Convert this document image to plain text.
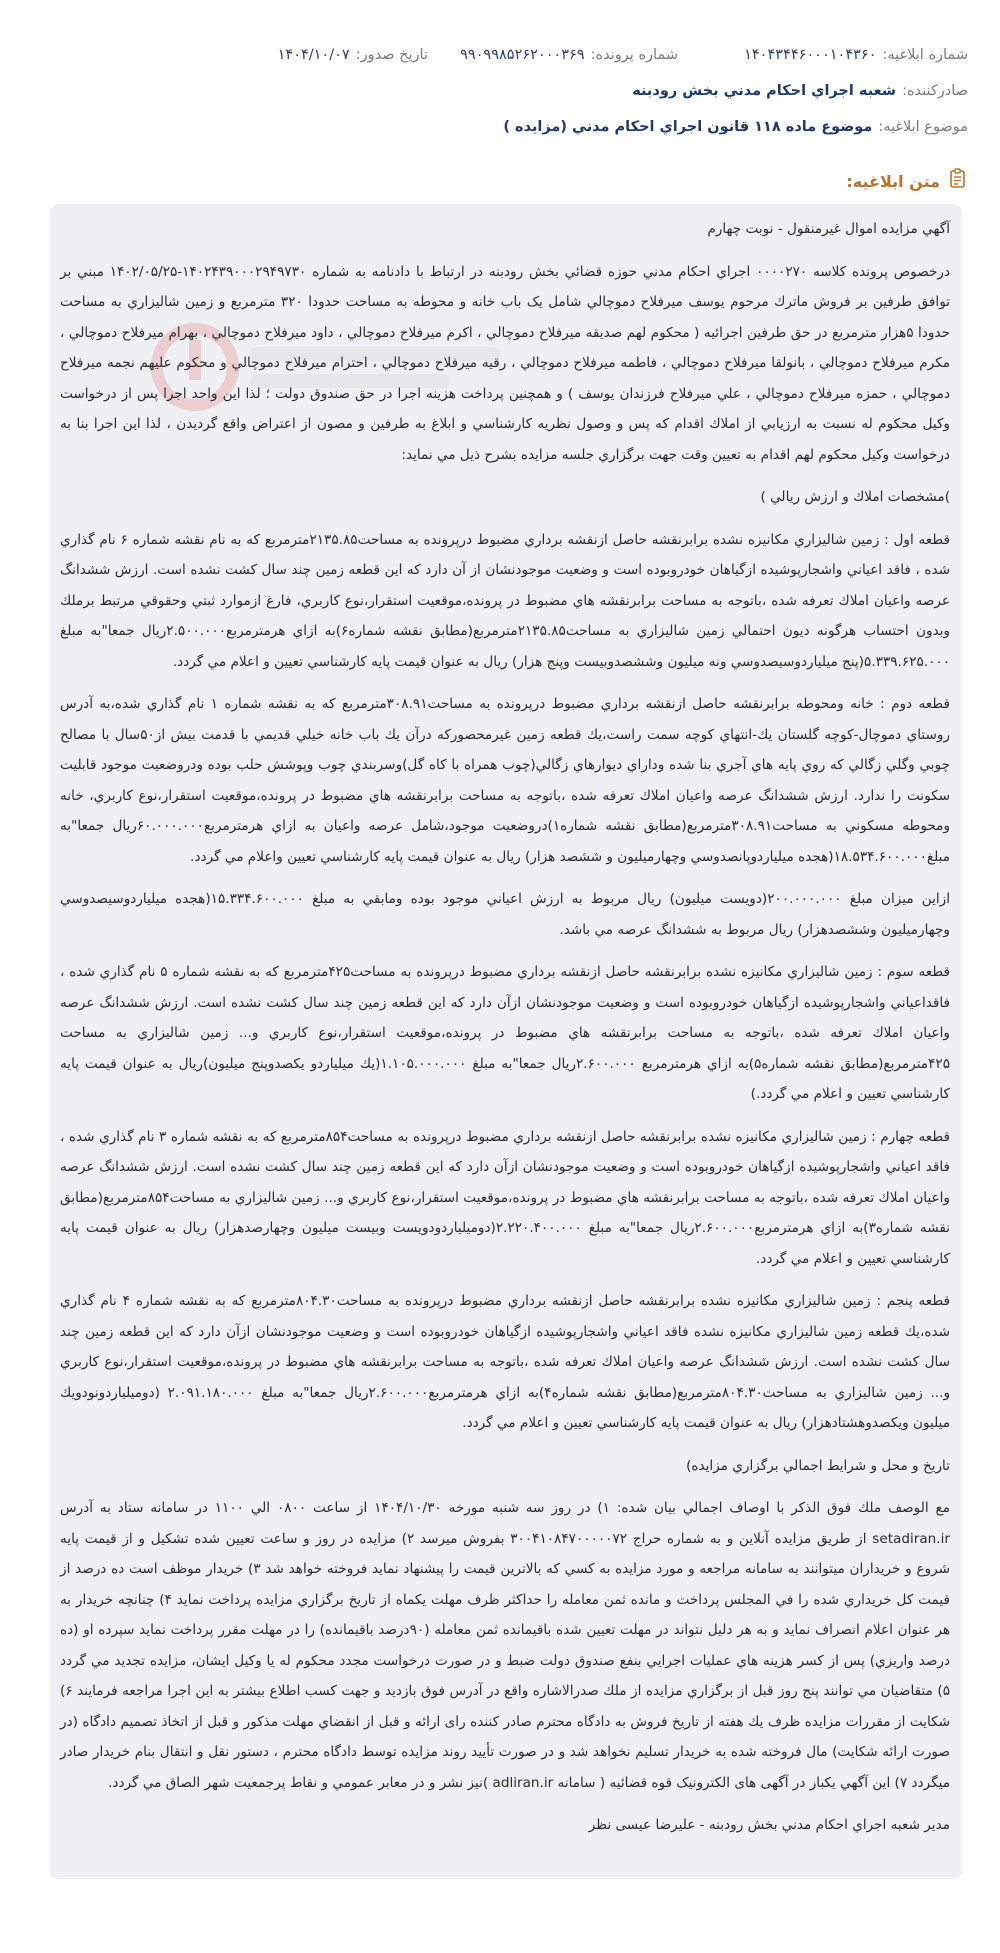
شماره ابلاغیه:
۱۴۰۴۳۴۴۶۰۰۰۱۰۴۳۶۰
شماره پرونده:
۹۹۰۹۹۸۵۲۶۲۰۰۰۳۶۹
تاریخ صدور:
۱۴۰۴/۱۰/۰۷
صادرکننده:
شعبه اجراي احكام مدني بخش رودبنه
موضوع ابلاغیه:
موضوع ماده ۱۱۸ قانون اجراي احكام مدني (مزايده )
متن ابلاغیه:

آگهي مزايده اموال غيرمنقول - نوبت چهارم

درخصوص پرونده كلاسه ۰۰۰۰۲۷۰ اجراي احكام مدني حوزه قضائي بخش رودبنه در ارتباط با دادنامه به شماره ۱۴۰۲۴۳۹۰۰۰۲۹۴۹۷۳۰-۱۴۰۲/۰۵/۲۵ مبني بر توافق طرفين بر فروش ماترك مرحوم يوسف ميرفلاح دموچالي شامل يک باب خانه و محوطه به مساحت حدودا ۳۲۰ مترمربع و زمين شاليزاري به مساحت حدودا ۵هزار مترمربع در حق طرفين اجرائيه ( محكوم لهم صديقه ميرفلاح دموچالي ، اكرم ميرفلاح دموچالي ، داود ميرفلاح دموچالي ، بهرام ميرفلاح دموچالي ، مكرم ميرفلاح دموچالي ، بانولقا ميرفلاح دموچالي ، فاطمه ميرفلاح دموچالي ، رقيه ميرفلاح دموچالي ، احترام ميرفلاح دموچالي و محكوم عليهم نجمه ميرفلاح دموچالي ، حمزه ميرفلاح دموچالي ، علي ميرفلاح فرزندان يوسف ) و همچنين پرداخت هزينه اجرا در حق صندوق دولت ؛ لذا اين واحد اجرا پس از درخواست وكيل محكوم له نسبت به ارزيابي از املاك اقدام كه پس و وصول نظريه كارشناسي و ابلاغ به طرفين و مصون از اعتراض واقع گرديدن ، لذا اين اجرا بنا به درخواست وكيل محكوم لهم اقدام به تعيين وقت جهت برگزاري جلسه مزايده بشرح ذيل مي نمايد:

)مشخصات املاك و ارزش ريالي )

قطعه اول : زمين شاليزاري مكانيزه نشده برابرنقشه حاصل ازنقشه برداري مضبوط درپرونده به مساحت۲۱۳۵.۸۵مترمربع كه به نام نقشه شماره ۶ نام گذاري شده ، فاقد اعياني واشجارپوشيده ازگياهان خودروبوده است و وضعيت موجودنشان از آن دارد كه اين قطعه زمين چند سال كشت نشده است. ارزش ششدانگ عرصه واعيان املاك تعرفه شده ،باتوجه به مساحت برابرنقشه هاي مضبوط در پرونده،موقعيت استقرار،نوع كاربري، فارغ ازموارد ثبتي وحقوقي مرتبط برملك وبدون احتساب هرگونه ديون احتمالي زمين شاليزاري به مساحت۲۱۳۵.۸۵مترمربع(مطابق نقشه شماره۶)به ازاي هرمترمربع۲.۵۰۰.۰۰۰ريال جمعا"به مبلغ ۵.۳۳۹.۶۲۵.۰۰۰(پنج ميلياردوسيصدوسي ونه ميليون وششصدوبيست وپنج هزار) ريال به عنوان قيمت پايه كارشناسي تعيين و اعلام مي گردد.

قطعه دوم : خانه ومحوطه برابرنقشه حاصل ازنقشه برداري مضبوط درپرونده به مساحت۳۰۸.۹۱مترمربع كه به نقشه شماره ۱ نام گذاري شده،به آدرس روستاي دموچال-كوچه گلستان يك-انتهاي كوچه سمت راست،يك قطعه زمين غيرمحصوركه درآن يك باب خانه خيلي قديمي با قدمت بيش از۵۰سال با مصالح چوبي وگلي زگالي كه روي پايه هاي آجري بنا شده وداراي ديوارهاي زگالي(چوب همراه با كاه گل)وسربندي چوب وپوشش حلب بوده ودروضعيت موجود قابليت سكونت را ندارد. ارزش ششدانگ عرصه واعيان املاك تعرفه شده ،باتوجه به مساحت برابرنقشه هاي مضبوط در پرونده،موقعيت استقرار،نوع كاربري، خانه ومحوطه مسكوني به مساحت۳۰۸.۹۱مترمربع(مطابق نقشه شماره۱)دروضعيت موجود،شامل عرصه واعيان به ازاي هرمترمربع۶۰.۰۰۰.۰۰۰ريال جمعا"به مبلغ۱۸.۵۳۴.۶۰۰.۰۰۰(هجده ميلياردوپانصدوسي وچهارميليون و ششصد هزار) ريال به عنوان قيمت پايه كارشناسي تعيين واعلام مي گردد.

ازاين ميزان مبلغ ۲۰۰.۰۰۰.۰۰۰(دويست ميليون) ريال مربوط به ارزش اعياني موجود بوده ومابقي به مبلغ ۱۵.۳۳۴.۶۰۰.۰۰۰(هجده ميلياردوسيصدوسي وچهارميليون وششصدهزار) ريال مربوط به ششدانگ عرصه مي باشد.

قطعه سوم : زمين شاليزاري مكانيزه نشده برابرنقشه حاصل ازنقشه برداري مضبوط درپرونده به مساحت۴۲۵مترمربع كه به نقشه شماره ۵ نام گذاري شده ، فاقداعياني واشجارپوشيده ازگياهان خودروبوده است و وضعيت موجودنشان ازآن دارد كه اين قطعه زمين چند سال كشت نشده است. ارزش ششدانگ عرصه واعيان املاك تعرفه شده ،باتوجه به مساحت برابرنقشه هاي مضبوط در پرونده،موقعيت استقرار،نوع كاربري و... زمين شاليزاري به مساحت ۴۲۵مترمربع(مطابق نقشه شماره۵)به ازاي هرمترمربع ۲.۶۰۰.۰۰۰ريال جمعا"به مبلغ ۱.۱۰۵.۰۰۰.۰۰۰(يك ميلياردو يكصدوپنج ميليون)ريال به عنوان قيمت پايه كارشناسي تعيين و اعلام مي گردد.)

قطعه چهارم : زمين شاليزاري مكانيزه نشده برابرنقشه حاصل ازنقشه برداري مضبوط درپرونده به مساحت۸۵۴مترمربع كه به نقشه شماره ۳ نام گذاري شده ، فاقد اعياني واشجارپوشيده ازگياهان خودروبوده است و وضعيت موجودنشان ازآن دارد كه اين قطعه زمين چند سال كشت نشده است. ارزش ششدانگ عرصه واعيان املاك تعرفه شده ،باتوجه به مساحت برابرنقشه هاي مضبوط در پرونده،موقعيت استقرار،نوع كاربري و... زمين شاليزاري به مساحت۸۵۴مترمربع(مطابق نقشه شماره۳)به ازاي هرمترمربع۲.۶۰۰.۰۰۰ريال جمعا"به مبلغ ۲.۲۲۰.۴۰۰.۰۰۰(دوميلياردودويست وبيست ميليون وچهارصدهزار) ريال به عنوان قيمت پايه كارشناسي تعيين و اعلام مي گردد.

قطعه پنجم : زمين شاليزاري مكانيزه نشده برابرنقشه حاصل ازنقشه برداري مضبوط درپرونده به مساحت۸۰۴.۳۰مترمربع كه به نقشه شماره ۴ نام گذاري شده،يك قطعه زمين شاليزاري مكانيزه نشده فاقد اعياني واشجارپوشيده ازگياهان خودروبوده است و وضعيت موجودنشان ازآن دارد كه اين قطعه زمين چند سال كشت نشده است. ارزش ششدانگ عرصه واعيان املاك تعرفه شده ،باتوجه به مساحت برابرنقشه هاي مضبوط در پرونده،موقعيت استقرار،نوع كاربري و... زمين شاليزاري به مساحت۸۰۴.۳۰مترمربع(مطابق نقشه شماره۴)به ازاي هرمترمربع۲.۶۰۰.۰۰۰ريال جمعا"به مبلغ ۲.۰۹۱.۱۸۰.۰۰۰ (دوميلياردونودويك ميليون ويكصدوهشتادهزار) ريال به عنوان قيمت پايه كارشناسي تعيين و اعلام مي گردد.

تاريخ و محل و شرايط اجمالي برگزاري مزايده)

مع الوصف ملك فوق الذكر با اوصاف اجمالي بيان شده: ۱) در روز سه شنبه مورخه ۱۴۰۴/۱۰/۳۰ از ساعت ۰۸۰۰ الي ۱۱۰۰ در سامانه ستاد به آدرس setadiran.ir از طريق مزايده آنلاين و به شماره حراج ۳۰۰۴۱۰۸۴۷۰۰۰۰۰۷۲ بفروش ميرسد ۲) مزايده در روز و ساعت تعيين شده تشكيل و از قيمت پايه شروع و خريداران ميتوانند به سامانه مراجعه و مورد مزايده به كسي كه بالاترين قيمت را پيشنهاد نمايد فروخته خواهد شد ۳) خريدار موظف است ده درصد از قيمت كل خريداري شده را في المجلس پرداخت و مانده ثمن معامله را حداكثر ظرف مهلت يكماه از تاريخ برگزاري مزايده پرداخت نمايد ۴) چنانچه خريدار به هر عنوان اعلام انصراف نمايد و به هر دليل نتواند در مهلت تعيين شده باقيمانده ثمن معامله (۹۰درصد باقيمانده) را در مهلت مقرر پرداخت نمايد سپرده او (ده درصد واريزي) پس از كسر هزينه هاي عمليات اجرايي بنفع صندوق دولت ضبط و در صورت درخواست مجدد محكوم له يا وكيل ايشان، مزايده تجديد مي گردد ۵) متقاضيان مي توانند پنج روز قبل از برگزاري مزايده از ملك صدرالاشاره واقع در آدرس فوق بازديد و جهت كسب اطلاع بيشتر به اين اجرا مراجعه فرمايند ۶) شكايت از مقررات مزايده ظرف يك هفته از تاريخ فروش به دادگاه محترم صادر كننده رای ارائه و قبل از انقضاي مهلت مذكور و قبل از اتخاذ تصميم دادگاه (در صورت ارائه شكايت) مال فروخته شده به خريدار تسليم نخواهد شد و در صورت تأييد روند مزايده توسط دادگاه محترم ، دستور نقل و انتقال بنام خريدار صادر ميگردد ۷) اين آگهي يكبار در آگهی های الکترونیک قوه قضائیه ( سامانه adliran.ir )نيز نشر و در معابر عمومي و نقاط پرجمعيت شهر الصاق مي گردد.

مدير شعبه اجراي احكام مدني بخش رودبنه - عليرضا عيسى نظر
